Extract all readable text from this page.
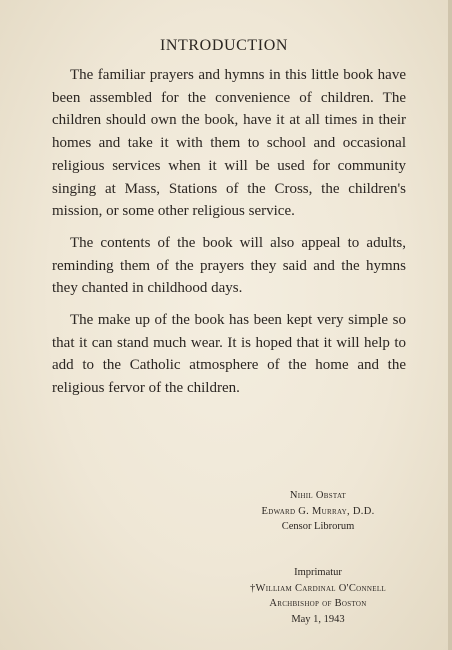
INTRODUCTION

The familiar prayers and hymns in this little book have been assembled for the convenience of children. The children should own the book, have it at all times in their homes and take it with them to school and occasional religious services when it will be used for community singing at Mass, Stations of the Cross, the children's mission, or some other religious service.

The contents of the book will also appeal to adults, reminding them of the prayers they said and the hymns they chanted in childhood days.

The make up of the book has been kept very simple so that it can stand much wear. It is hoped that it will help to add to the Catholic atmosphere of the home and the religious fervor of the children.

Nihil Obstat
Edward G. Murray, D.D.
Censor Librorum
Imprimatur
†William Cardinal O'Connell
Archbishop of Boston
May 1, 1943
